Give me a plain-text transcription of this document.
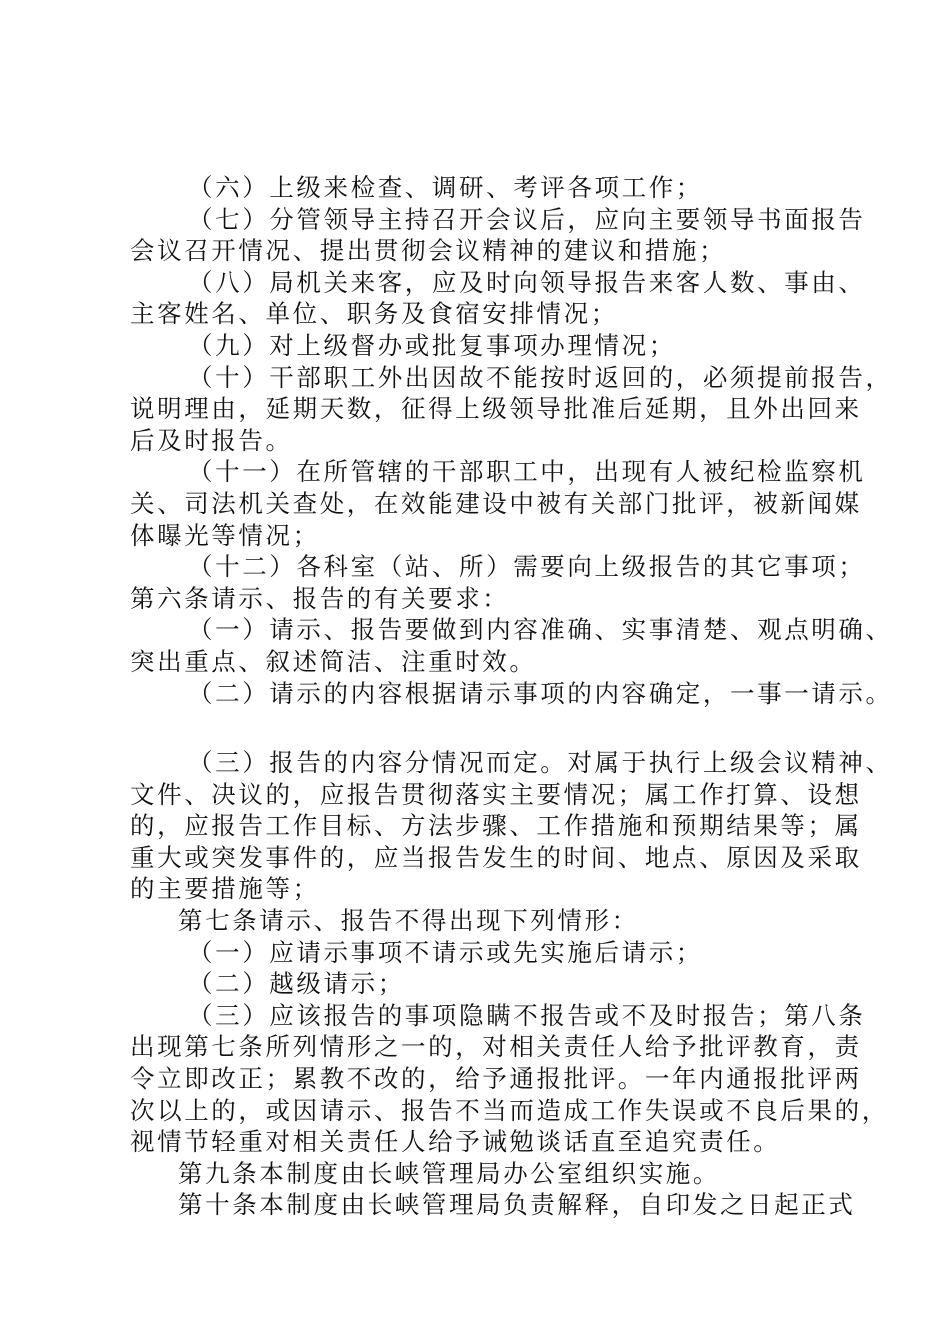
（六）上级来检查、调研、考评各项工作；

（七）分管领导主持召开会议后，应向主要领导书面报告

会议召开情况、提出贯彻会议精神的建议和措施；

（八）局机关来客，应及时向领导报告来客人数、事由、

主客姓名、单位、职务及食宿安排情况；

（九）对上级督办或批复事项办理情况；

（十）干部职工外出因故不能按时返回的，必须提前报告，

说明理由，延期天数，征得上级领导批准后延期，且外出回来

后及时报告。

（十一）在所管辖的干部职工中，出现有人被纪检监察机

关、司法机关查处，在效能建设中被有关部门批评，被新闻媒

体曝光等情况；

（十二）各科室（站、所）需要向上级报告的其它事项；

第六条请示、报告的有关要求：

（一）请示、报告要做到内容准确、实事清楚、观点明确、

突出重点、叙述简洁、注重时效。

（二）请示的内容根据请示事项的内容确定，一事一请示。

（三）报告的内容分情况而定。对属于执行上级会议精神、

文件、决议的，应报告贯彻落实主要情况；属工作打算、设想

的，应报告工作目标、方法步骤、工作措施和预期结果等；属

重大或突发事件的，应当报告发生的时间、地点、原因及采取

的主要措施等；

第七条请示、报告不得出现下列情形：

（一）应请示事项不请示或先实施后请示；

（二）越级请示；

（三）应该报告的事项隐瞒不报告或不及时报告；第八条

出现第七条所列情形之一的，对相关责任人给予批评教育，责

令立即改正；累教不改的，给予通报批评。一年内通报批评两

次以上的，或因请示、报告不当而造成工作失误或不良后果的，

视情节轻重对相关责任人给予诫勉谈话直至追究责任。

第九条本制度由长峡管理局办公室组织实施。

第十条本制度由长峡管理局负责解释，自印发之日起正式
